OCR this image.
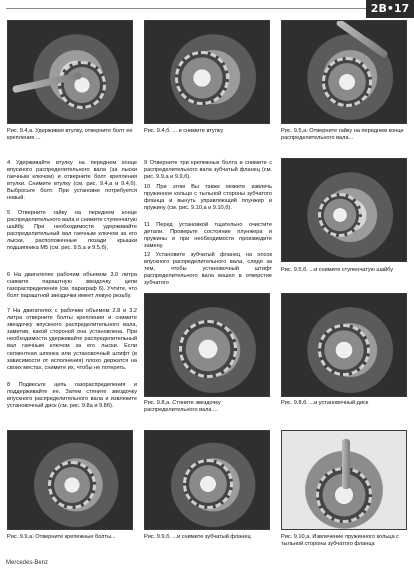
2B•17
Рис. 9.4,а. Удерживая втулку, отверните болт ее крепления ...
Рис. 9.4,б. ... и снимите втулку	Рис. 9.5,а. Отверните гайку на переднем конце распределительного вала...
4 Удерживайте втулку на переднем конце впускного распределительного вала (за лыски гаечным ключом) и отверните болт крепления втулки. Снимите втулку (см. рис. 9.4,а и 9.4,б). Выбросьте болт. При установке потребуется новый.
5 Отверните гайку на переднем конце распределительного вала и снимите ступенчатую шайбу. При необходимости удерживайте распределительный вал гаечным ключом за его лыски, расположенные позади крышки подшипника М5 (см. рис. 9.5,а и 9.5,б).
6 На двигателях рабочим объемом 3.0 литра снимите параштную звездочку цепи газораспределения (см. параграф 6). Учтите, что болт параштной звездочки имеет левую резьбу.
7 На двигателях с рабочим объемом 2.8 и 3.2 литра отверните болты крепления и снимите звездочку впускного распределительного вала, заметив, какой стороной она установлена. При необходимости удерживайте распределительный вал гаечным ключом за его лыски. Если сегментная шпонка или установочный штифт (в зависимости от исполнения) плохо держатся на своих местах, снимите их, чтобы не потерять.
8 Подвесьте цепь газораспределения и поддерживайте ее. Затем стяните звездочку впускного распределительного вала и извлеките установочный диск (см. рис. 9.8а и 9.8б).
9 Отверните три крепежных болта и снимите с распределительного вала зубчатый фланец (см. рис. 9.9,а и 9.9,б).
10 При этом Вы также можете извлечь пружинное кольцо с тыльной стороны зубчатого фланца и вынуть управляющий плунжер и пружину (см. рис. 9.10,а и 9.10,б).
11 Перед установкой тщательно очистите детали. Проверьте состояние плунжера и пружины и при необходимости произведите замену.
12 Установите зубчатый фланец на носок впускного распределительного вала, следя за тем, чтобы установочный штифт распределительного вала вошел в отверстие зубчатого
Рис. 9.5,б. ...и снимите ступенчатую шайбу
Рис. 9.8,а. Стяните звездочку распределительного вала ...
Рис. 9.8,б. ...и установочный диск
Рис. 9.9,а. Отверните крепежные болты...	Рис. 9.9,б. ...и снимите зубчатый фланец	Рис. 9.10,а. Извлечение пружинного кольца с тыльной стороны зубчатого фланца
Mercedes-Benz
